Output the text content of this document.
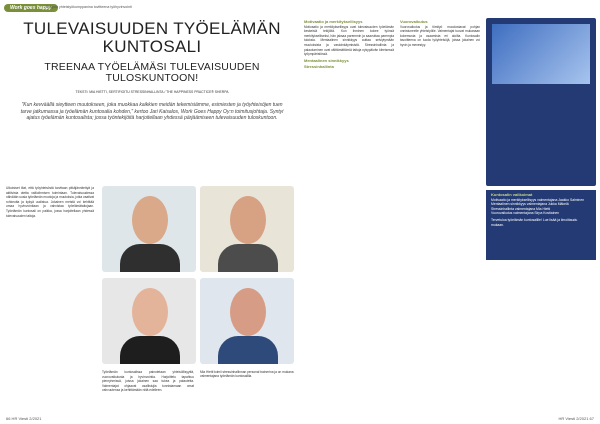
Work goes happy
Pohjolo yhteistyökumppanina tovitteena työhyvinvointi
TULEVAISUUDEN TYÖELÄMÄN
KUNTOSALI
TREENAA TYÖELÄMÄSI TULEVAISUUDEN
TULOSKUNTOON!
TEKSTI: MIA HIETTI, SERTIFIOITU STRESSINHALLINTA / THE HAPPINESS PRACTICE® SHERPA
"Kun kevväällä sieytteen muutokseen, joka muokkaa kaikkien meidän tekemisiämme, esimiesten ja työyhteisöjen tuen tarve jatkumassa ja työelämän kuntosalia kohden," kertoo Jari Kaisalos, Work Goes Happy Oy:n toimitusjohtaja. Syntyi ajatus työelämän kuntosalista; jossa työntekijöitä harjoitellaan yhdessä pärjäämiseen tulevaisuuden tuloskuntoon.
Ulkoisiset tilat, että työyhteisöstä tarvitaan pitkäjännitettyä ja aktiivista otetta valtioihmisen toimintaan. Tulevaisuudessa nähdään uusia työelämän muotoja ja muutoksia, jotka vaativat rohkeutta ja kykyä uudistua. Jokainen meistä voi kehittää omaa hyvinvointiaan ja vahvistaa työelämätaitojaan. Työelämän kuntosali on paikka, jossa harjoitellaan yhdessä tulevaisuuden taitoja.
Työelämän kuntosalissa painotetaan yhteisöllisyyttä, vuorovaikutusta ja hyvinvointia. Harjoittelu tapahtuu pienryhmissä, joissa jokainen saa tukea ja palautetta. Valmentajat ohjaavat osallistujia tunnistamaan omat vahvuutensa ja kehittämään niitä edelleen.
Mia Hietti toimii stressinhallinnan personal trainerina ja on mukana valmentajana työelämän kuntosalilla.
66 HR Viesti 2/2021
Motivaatio ja merkityksellisyys
Motivaatio ja merkityksellisyys ovat tulevaisuuden työelämän keskeisiä tekijöitä. Kun ihminen kokee työnsä merkitykselliseksi, hän jaksaa paremmin ja saavuttaa parempia tuloksia. Mentaalinen sinnikkyys auttaa selviytymään muutoksista ja vastoinkäymisistä. Stressinhallinta ja palautuminen ovat välttämättömiä taitoja nykypäivän kiireisessä työympäristössä.
Mentaalinen sinnikkyys
Stressinhallinta
Vuorovaikutus
Vuorovaikutus ja tiimityö muodostavat pohjan onnistuneelle yhteistyölle. Valmentajat tuovat mukanaan kokemusta ja osaamista eri aloilta. Kuntosalin tavoitteena on luoda työyhteisöjä, joissa jokainen voi hyvin ja menestyy.
Kuntosalin valikoimat
Motivaatio ja merkityksellisyys valmentajana Jaakko Salminen
Mentaalinen sinnikkyys valmentajana Jukka Mäkelä
Stressinhallinta valmentajana Mia Hietti
Vuorovaikutus valmentajana Sirpa Kostiainen
Tervetuloa työelämän kuntosalille! Lue lisää ja ilmoittaudu mukaan.
HR Viesti 2/2021 67
